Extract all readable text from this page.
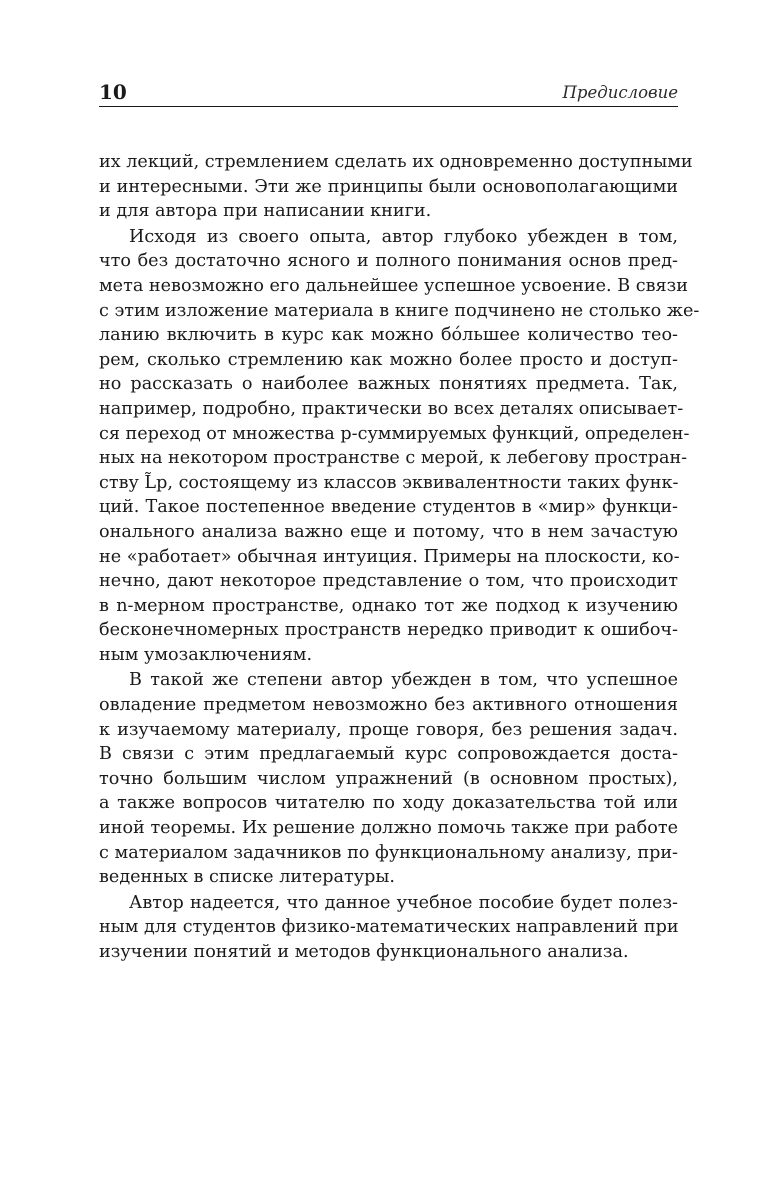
10	Предисловие

их лекций, стремлением сделать их одновременно доступными
и интересными. Эти же принципы были основополагающими
и для автора при написании книги.

Исходя из своего опыта, автор глубоко убежден в том,
что без достаточно ясного и полного понимания основ пред-
мета невозможно его дальнейшее успешное усвоение. В связи
с этим изложение материала в книге подчинено не столько же-
ланию включить в курс как можно бóльшее количество теo-
рем, сколько стремлению как можно более просто и доступ-
но рассказать о наиболее важных понятиях предмета. Так,
например, подробно, практически во всех деталях описывает-
ся переход от множества p-суммируемых функций, определен-
ных на некотором пространстве с мерой, к лебегову простран-
ству L̃p, состоящему из классов эквивалентности таких функ-
ций. Такое постепенное введение студентов в «мир» функци-
онального анализа важно еще и потому, что в нем зачастую
не «работает» обычная интуиция. Примеры на плоскости, ко-
нечно, дают некоторое представление о том, что происходит
в n-мерном пространстве, однако тот же подход к изучению
бесконечномерных пространств нередко приводит к ошибоч-
ным умозаключениям.

В такой же степени автор убежден в том, что успешное
овладение предметом невозможно без активного отношения
к изучаемому материалу, проще говоря, без решения задач.
В связи с этим предлагаемый курс сопровождается доста-
точно большим числом упражнений (в основном простых),
а также вопросов читателю по ходу доказательства той или
иной теоремы. Их решение должно помочь также при работе
с материалом задачников по функциональному анализу, при-
веденных в списке литературы.

Автор надеется, что данное учебное пособие будет полез-
ным для студентов физико-математических направлений при
изучении понятий и методов функционального анализа.
